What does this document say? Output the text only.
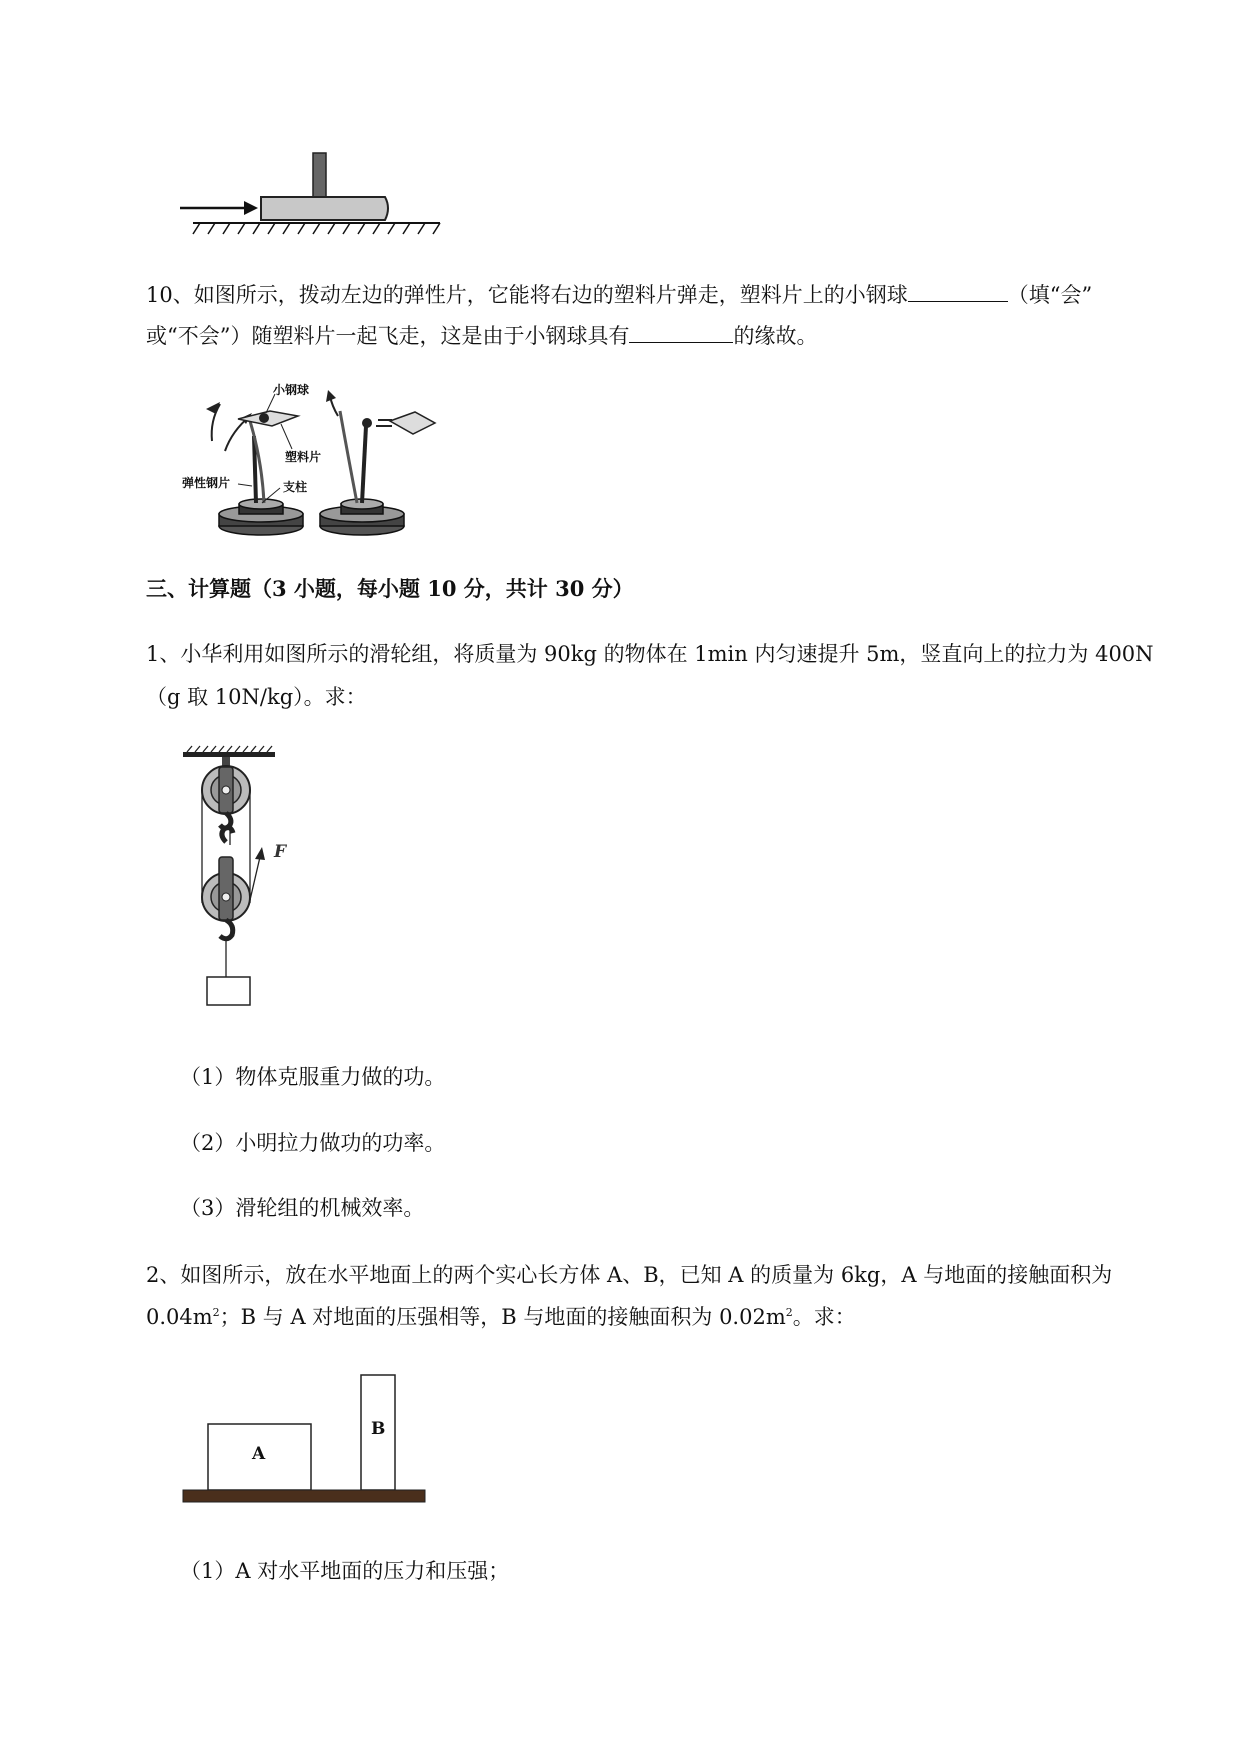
10、如图所示，拨动左边的弹性片，它能将右边的塑料片弹走，塑料片上的小钢球	（填“会”
或“不会”）随塑料片一起飞走，这是由于小钢球具有	的缘故。
小钢球
塑料片
弹性钢片	支柱
三、计算题（3 小题，每小题 10 分，共计 30 分）
1、小华利用如图所示的滑轮组，将质量为 90kg 的物体在 1min 内匀速提升 5m，竖直向上的拉力为 400N
（g 取 10N/kg）。求：
F
（1）物体克服重力做的功。
（2）小明拉力做功的功率。
（3）滑轮组的机械效率。
2、如图所示，放在水平地面上的两个实心长方体 A、B，已知 A 的质量为 6kg，A 与地面的接触面积为
$0.04m^2$；B 与 A 对地面的压强相等，B 与地面的接触面积为 $0.02m^2$。求：
A
B
（1）A 对水平地面的压力和压强；
